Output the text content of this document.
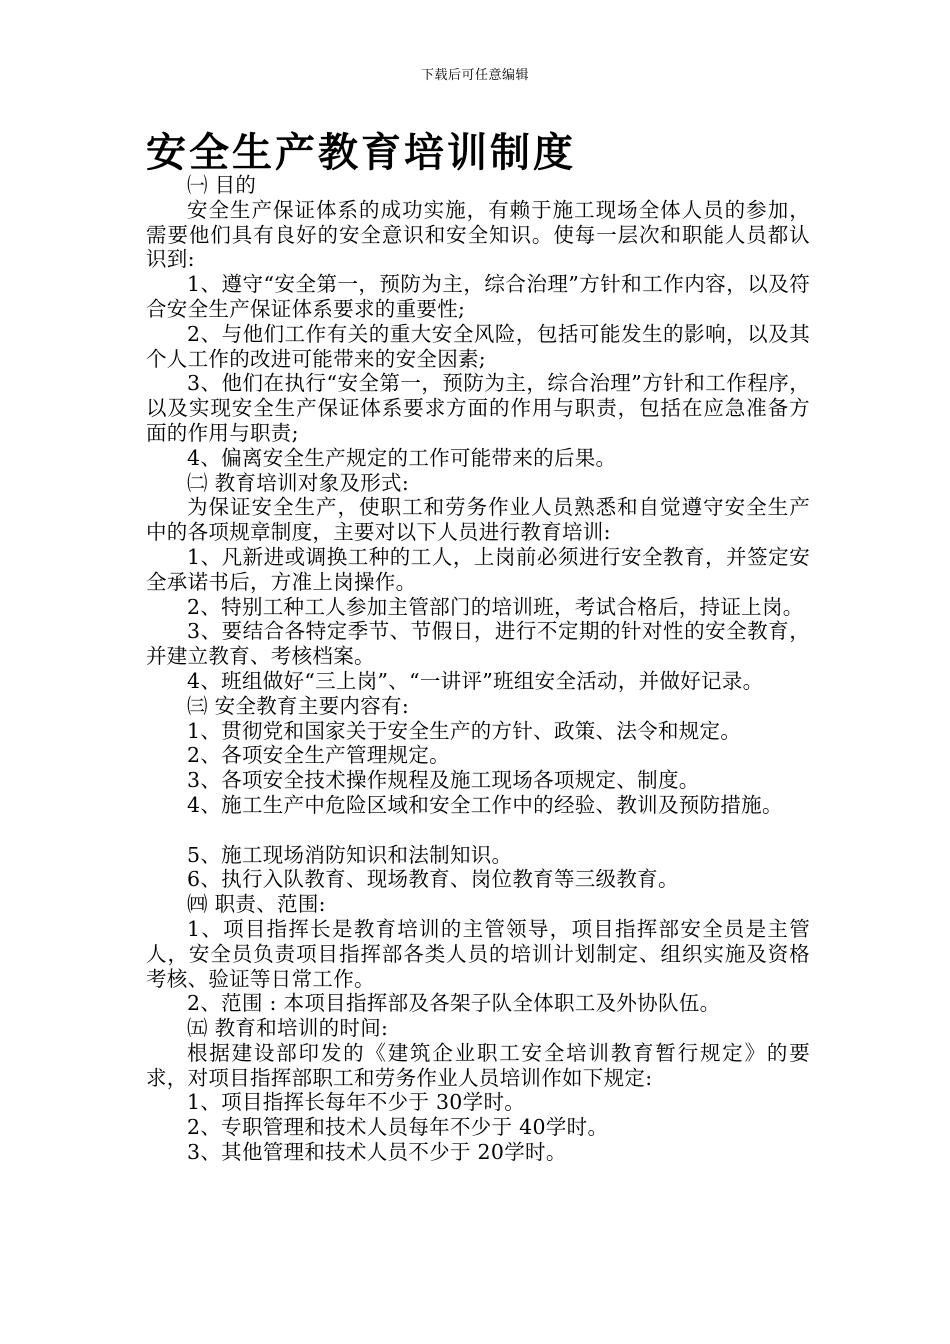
下载后可任意编辑
安全生产教育培训制度

㈠ 目的

安全生产保证体系的成功实施，有赖于施工现场全体人员的参加，需要他们具有良好的安全意识和安全知识。使每一层次和职能人员都认识到:

1、遵守“安全第一，预防为主，综合治理”方针和工作内容，以及符合安全生产保证体系要求的重要性;

2、与他们工作有关的重大安全风险，包括可能发生的影响，以及其个人工作的改进可能带来的安全因素;

3、他们在执行“安全第一，预防为主，综合治理”方针和工作程序，以及实现安全生产保证体系要求方面的作用与职责，包括在应急准备方面的作用与职责;

4、偏离安全生产规定的工作可能带来的后果。

㈡ 教育培训对象及形式:

为保证安全生产，使职工和劳务作业人员熟悉和自觉遵守安全生产中的各项规章制度，主要对以下人员进行教育培训:

1、凡新进或调换工种的工人，上岗前必须进行安全教育，并签定安全承诺书后，方准上岗操作。

2、特别工种工人参加主管部门的培训班，考试合格后，持证上岗。

3、要结合各特定季节、节假日，进行不定期的针对性的安全教育，并建立教育、考核档案。

4、班组做好“三上岗”、“一讲评”班组安全活动，并做好记录。

㈢ 安全教育主要内容有:

1、贯彻党和国家关于安全生产的方针、政策、法令和规定。

2、各项安全生产管理规定。

3、各项安全技术操作规程及施工现场各项规定、制度。

4、施工生产中危险区域和安全工作中的经验、教训及预防措施。

5、施工现场消防知识和法制知识。

6、执行入队教育、现场教育、岗位教育等三级教育。

㈣ 职责、范围:

1、项目指挥长是教育培训的主管领导，项目指挥部安全员是主管人，安全员负责项目指挥部各类人员的培训计划制定、组织实施及资格考核、验证等日常工作。

2、范围 : 本项目指挥部及各架子队全体职工及外协队伍。

㈤ 教育和培训的时间:

根据建设部印发的《建筑企业职工安全培训教育暂行规定》的要求，对项目指挥部职工和劳务作业人员培训作如下规定:

1、项目指挥长每年不少于 30学时。

2、专职管理和技术人员每年不少于 40学时。

3、其他管理和技术人员不少于 20学时。
